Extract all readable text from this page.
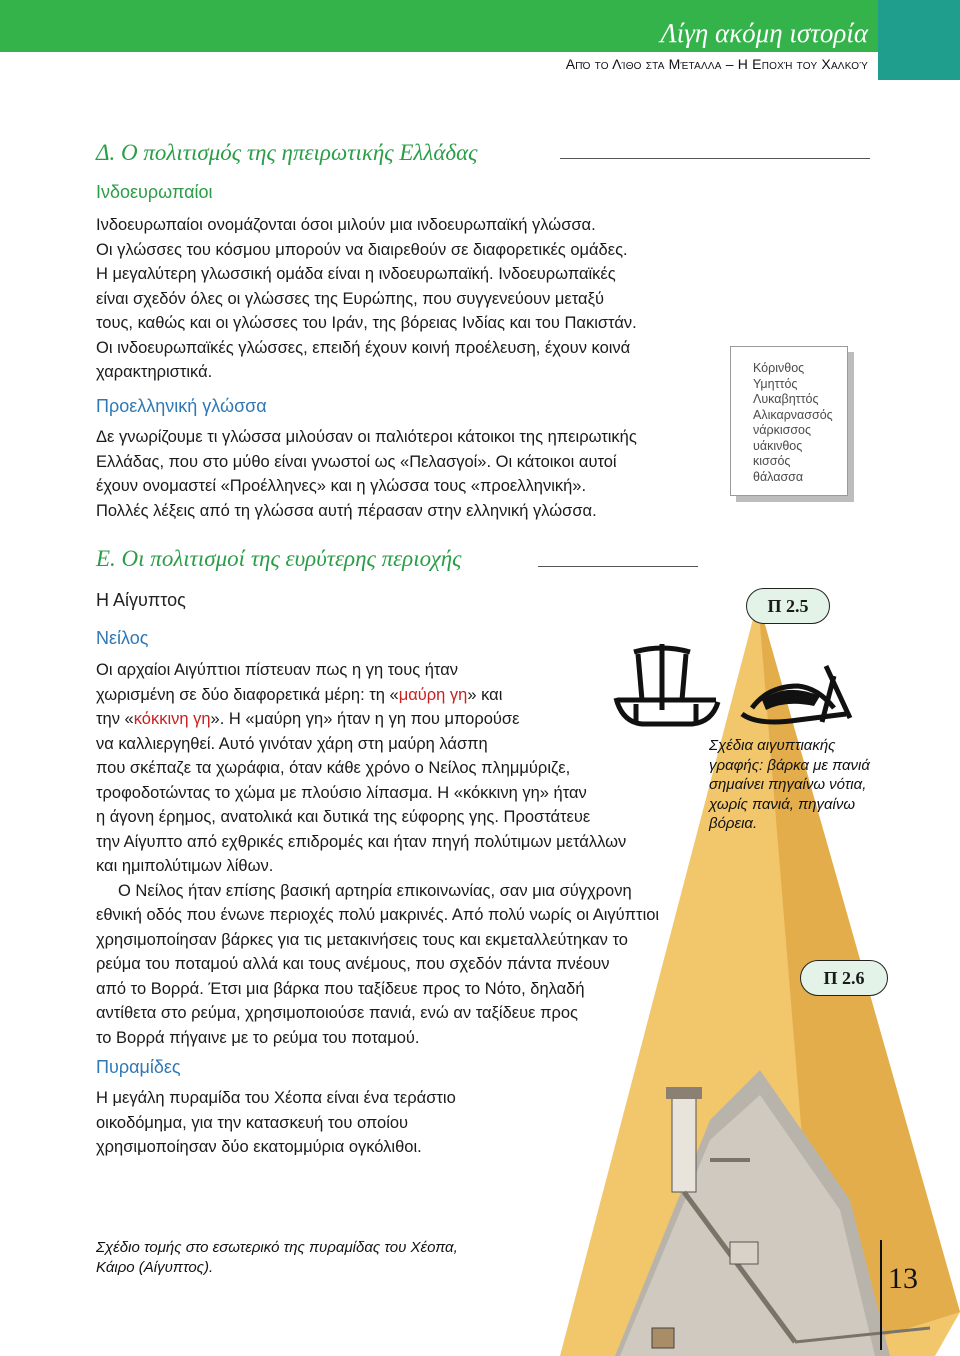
Λίγη ακόμη ιστορία
Από το Λίθο στα Μέταλλα – Η Εποχή του Χαλκού
Δ. Ο πολιτισμός της ηπειρωτικής Ελλάδας
Ινδοευρωπαίοι
Ινδοευρωπαίοι ονομάζονται όσοι μιλούν μια ινδοευρωπαϊκή γλώσσα.
Οι γλώσσες του κόσμου μπορούν να διαιρεθούν σε διαφορετικές ομάδες.
Η μεγαλύτερη γλωσσική ομάδα είναι η ινδοευρωπαϊκή. Ινδοευρωπαϊκές
είναι σχεδόν όλες οι γλώσσες της Ευρώπης, που συγγενεύουν μεταξύ
τους, καθώς και οι γλώσσες του Ιράν, της βόρειας Ινδίας και του Πακιστάν.
Οι ινδοευρωπαϊκές γλώσσες, επειδή έχουν κοινή προέλευση, έχουν κοινά
χαρακτηριστικά.
Προελληνική γλώσσα
Δε γνωρίζουμε τι γλώσσα μιλούσαν οι παλιότεροι κάτοικοι της ηπειρωτικής
Ελλάδας, που στο μύθο είναι γνωστοί ως «Πελασγοί». Οι κάτοικοι αυτοί
έχουν ονομαστεί «Προέλληνες» και η γλώσσα τους «προελληνική».
Πολλές λέξεις από τη γλώσσα αυτή πέρασαν στην ελληνική γλώσσα.
Κόρινθος
Υμηττός
Λυκαβηττός
Αλικαρνασσός
νάρκισσος
υάκινθος
κισσός
θάλασσα
Ε. Οι πολιτισμοί της ευρύτερης περιοχής
Η Αίγυπτος
Νείλος
Οι αρχαίοι Αιγύπτιοι πίστευαν πως η γη τους ήταν
χωρισμένη σε δύο διαφορετικά μέρη: τη «μαύρη γη» και
την «κόκκινη γη». Η «μαύρη γη» ήταν η γη που μπορούσε
να καλλιεργηθεί. Αυτό γινόταν χάρη στη μαύρη λάσπη
που σκέπαζε τα χωράφια, όταν κάθε χρόνο ο Νείλος πλημμύριζε,
τροφοδοτώντας το χώμα με πλούσιο λίπασμα. Η «κόκκινη γη» ήταν
η άγονη έρημος, ανατολικά και δυτικά της εύφορης γης. Προστάτευε
την Αίγυπτο από εχθρικές επιδρομές και ήταν πηγή πολύτιμων μετάλλων
και ημιπολύτιμων λίθων.
Ο Νείλος ήταν επίσης βασική αρτηρία επικοινωνίας, σαν μια σύγχρονη
εθνική οδός που ένωνε περιοχές πολύ μακρινές. Από πολύ νωρίς οι Αιγύπτιοι
χρησιμοποίησαν βάρκες για τις μετακινήσεις τους και εκμεταλλεύτηκαν το
ρεύμα του ποταμού αλλά και τους ανέμους, που σχεδόν πάντα πνέουν
από το Βορρά. Έτσι μια βάρκα που ταξίδευε προς το Νότο, δηλαδή
αντίθετα στο ρεύμα, χρησιμοποιούσε πανιά, ενώ αν ταξίδευε προς
το Βορρά πήγαινε με το ρεύμα του ποταμού.
Πυραμίδες
Η μεγάλη πυραμίδα του Χέοπα είναι ένα τεράστιο
οικοδόμημα, για την κατασκευή του οποίου
χρησιμοποίησαν δύο εκατομμύρια ογκόλιθοι.
Π 2.5
Σχέδια αιγυπτιακής
γραφής: βάρκα με πανιά
σημαίνει πηγαίνω νότια,
χωρίς πανιά, πηγαίνω
βόρεια.
Π 2.6
Σχέδιο τομής στο εσωτερικό της πυραμίδας του Χέοπα,
Κάιρο (Αίγυπτος).	13
